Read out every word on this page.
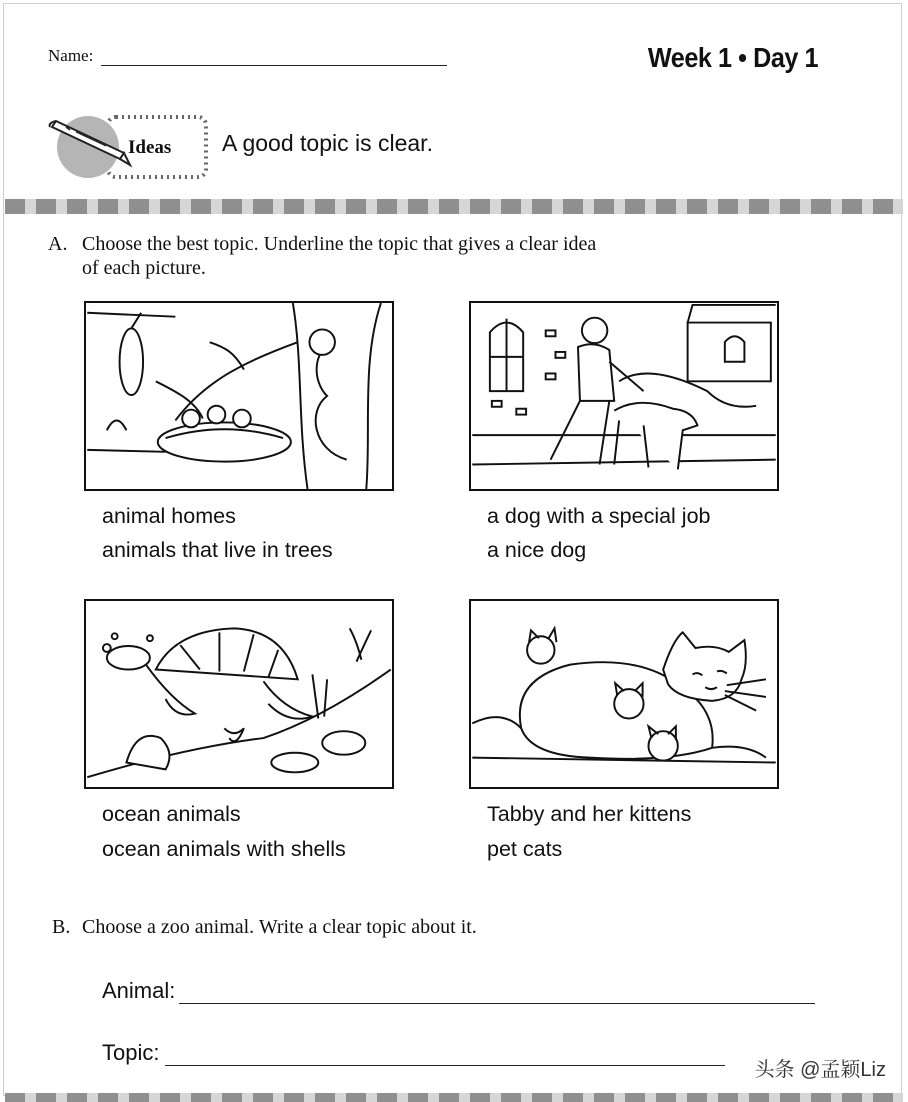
Name:	Week 1 • Day 1
Ideas A good topic is clear.
A. Choose the best topic. Underline the topic that gives a clear idea of each picture.
animal homes
animals that live in trees
a dog with a special job
a nice dog
ocean animals
ocean animals with shells
Tabby and her kittens
pet cats
B. Choose a zoo animal. Write a clear topic about it.
Animal:
Topic:
头条 @孟颖Liz
